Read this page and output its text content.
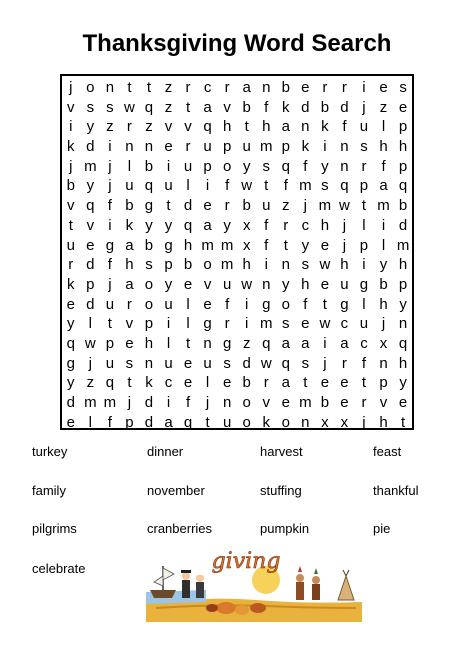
Thanksgiving Word Search
j o n t	t z r c r a n b e r r	i e s
v s s w q z t a v b f k d b d j z e
i y z r z v v q h t h a n k f u l p
k d i n n e r u p u m p k i n s h h
j m j	l b i u p o y s q f y n r f p
b y j u q u l	i	f w t	f m s q p a q
v q f b g t d e r b u z j m w t m b
t v i k y y q a y x f r c h j	l	i d
u e g a b g h m m x f	t y e j p l m
r d f h s p b o m h i n s w h i y h
k p j a o y e v u w n y h e u g b p
e d u r o u l e f	i g o f	t g l h y
y l	t v p i	l g r	i m s e w c u j n
q w p e h l	t n g z q a a i a c x q
g j u s n u e u s d w q s j	r f n h
y z q t k c e l e b r a t e e t p y
d m m j d i	f	j n o v e m b e r v e
e l	f p d a q t u o k o n x x j h t
turkey	dinner	harvest	feast
family	november	stuffing	thankful
pilgrims	cranberries	pumpkin	pie
celebrate	giving
